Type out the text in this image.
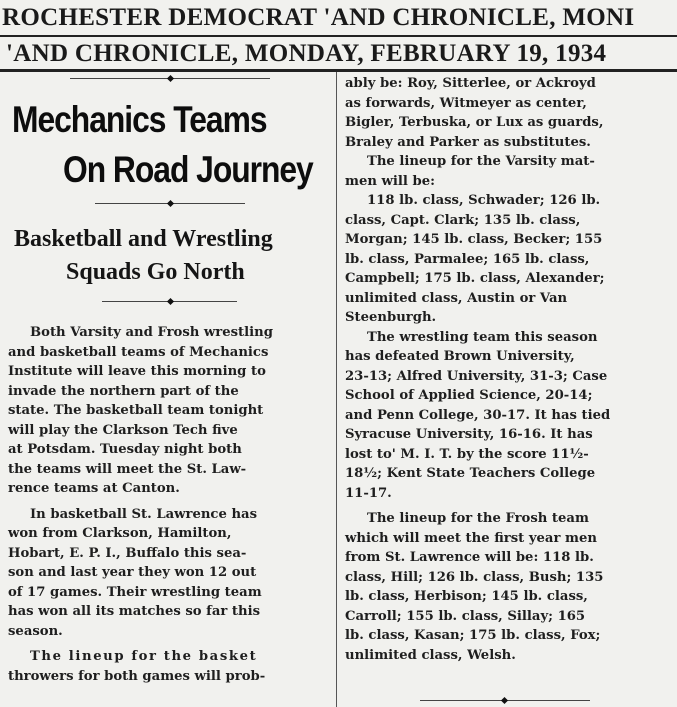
ROCHESTER DEMOCRAT 'AND CHRONICLE, MONI
'AND CHRONICLE, MONDAY, FEBRUARY 19, 1934
Mechanics Teams
On Road Journey
Basketball and Wrestling
Squads Go North

Both Varsity and Frosh wrestling
and basketball teams of Mechanics
Institute will leave this morning to
invade the northern part of the
state. The basketball team tonight
will play the Clarkson Tech five
at Potsdam. Tuesday night both
the teams will meet the St. Law-
rence teams at Canton.

In basketball St. Lawrence has
won from Clarkson, Hamilton,
Hobart, E. P. I., Buffalo this sea-
son and last year they won 12 out
of 17 games. Their wrestling team
has won all its matches so far this
season.

The lineup for the basket
throwers for both games will prob-

ably be: Roy, Sitterlee, or Ackroyd
as forwards, Witmeyer as center,
Bigler, Terbuska, or Lux as guards,
Braley and Parker as substitutes.

The lineup for the Varsity mat-
men will be:
118 lb. class, Schwader; 126 lb.
class, Capt. Clark; 135 lb. class,
Morgan; 145 lb. class, Becker; 155
lb. class, Parmalee; 165 lb. class,
Campbell; 175 lb. class, Alexander;
unlimited class, Austin or Van
Steenburgh.

The wrestling team this season
has defeated Brown University,
23-13; Alfred University, 31-3; Case
School of Applied Science, 20-14;
and Penn College, 30-17. It has tied
Syracuse University, 16-16. It has
lost to' M. I. T. by the score 11½-
18½; Kent State Teachers College
11-17.

The lineup for the Frosh team
which will meet the first year men
from St. Lawrence will be: 118 lb.
class, Hill; 126 lb. class, Bush; 135
lb. class, Herbison; 145 lb. class,
Carroll; 155 lb. class, Sillay; 165
lb. class, Kasan; 175 lb. class, Fox;
unlimited class, Welsh.
